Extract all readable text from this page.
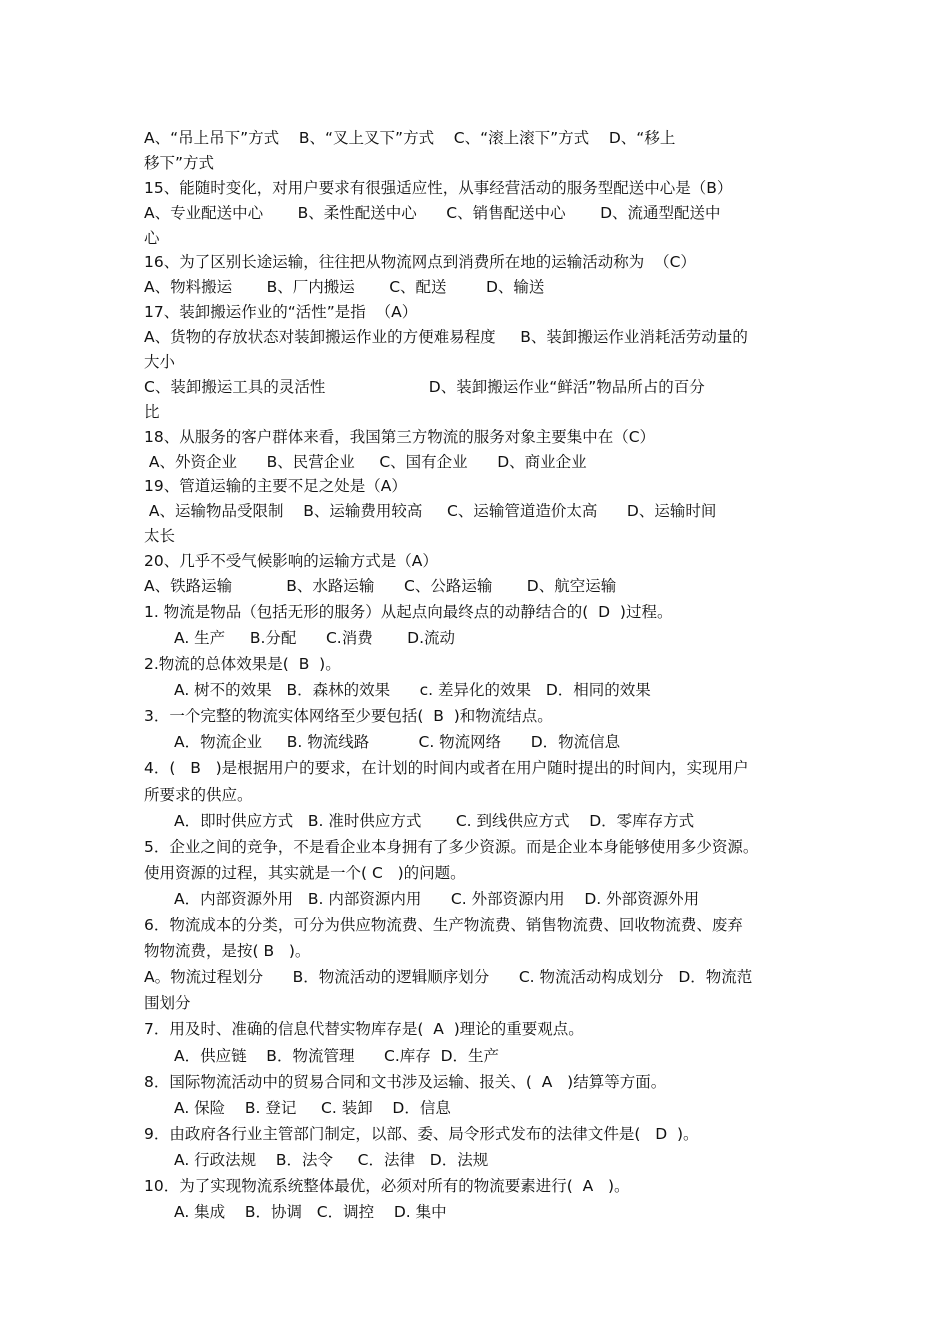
A、“吊上吊下”方式    B、“叉上叉下”方式    C、“滚上滚下”方式    D、“移上
移下”方式
15、能随时变化，对用户要求有很强适应性，从事经营活动的服务型配送中心是（B）
A、专业配送中心       B、柔性配送中心      C、销售配送中心       D、流通型配送中
心
16、为了区别长途运输，往往把从物流网点到消费所在地的运输活动称为  （C）
A、物料搬运       B、厂内搬运       C、配送        D、输送
17、装卸搬运作业的“活性”是指  （A）
A、货物的存放状态对装卸搬运作业的方便难易程度     B、装卸搬运作业消耗活劳动量的
大小
C、装卸搬运工具的灵活性                     D、装卸搬运作业“鲜活”物品所占的百分
比
18、从服务的客户群体来看，我国第三方物流的服务对象主要集中在（C）
A、外资企业      B、民营企业     C、国有企业      D、商业企业
19、管道运输的主要不足之处是（A）
A、运输物品受限制    B、运输费用较高     C、运输管道造价太高      D、运输时间
太长
20、几乎不受气候影响的运输方式是（A）
A、铁路运输           B、水路运输      C、公路运输       D、航空运输
1. 物流是物品（包括无形的服务）从起点向最终点的动静结合的(  D  )过程。
A. 生产     B.分配      C.消费       D.流动
2.物流的总体效果是(  B  )。
A. 树不的效果   B．森林的效果      c. 差异化的效果   D．相同的效果
3．一个完整的物流实体网络至少要包括(  B  )和物流结点。
A．物流企业     B. 物流线路          C. 物流网络      D．物流信息
4．(   B   )是根据用户的要求，在计划的时间内或者在用户随时提出的时间内，实现用户
所要求的供应。
A．即时供应方式   B. 准时供应方式       C. 到线供应方式    D．零库存方式
5．企业之间的竞争，不是看企业本身拥有了多少资源。而是企业本身能够使用多少资源。
使用资源的过程，其实就是一个( C   )的问题。
A．内部资源外用   B. 内部资源内用      C. 外部资源内用    D. 外部资源外用
6．物流成本的分类，可分为供应物流费、生产物流费、销售物流费、回收物流费、废弃
物物流费，是按( B   )。
A。物流过程划分      B．物流活动的逻辑顺序划分      C. 物流活动构成划分   D．物流范
围划分
7．用及时、准确的信息代替实物库存是(  A  )理论的重要观点。
A．供应链    B．物流管理      C.库存  D．生产
8．国际物流活动中的贸易合同和文书涉及运输、报关、(  A   )结算等方面。
A. 保险    B. 登记     C. 装卸    D．信息
9．由政府各行业主管部门制定，以部、委、局令形式发布的法律文件是(   D  )。
A. 行政法规    B．法令     C．法律   D．法规
10．为了实现物流系统整体最优，必须对所有的物流要素进行(  A   )。
A. 集成    B．协调   C．调控    D. 集中
